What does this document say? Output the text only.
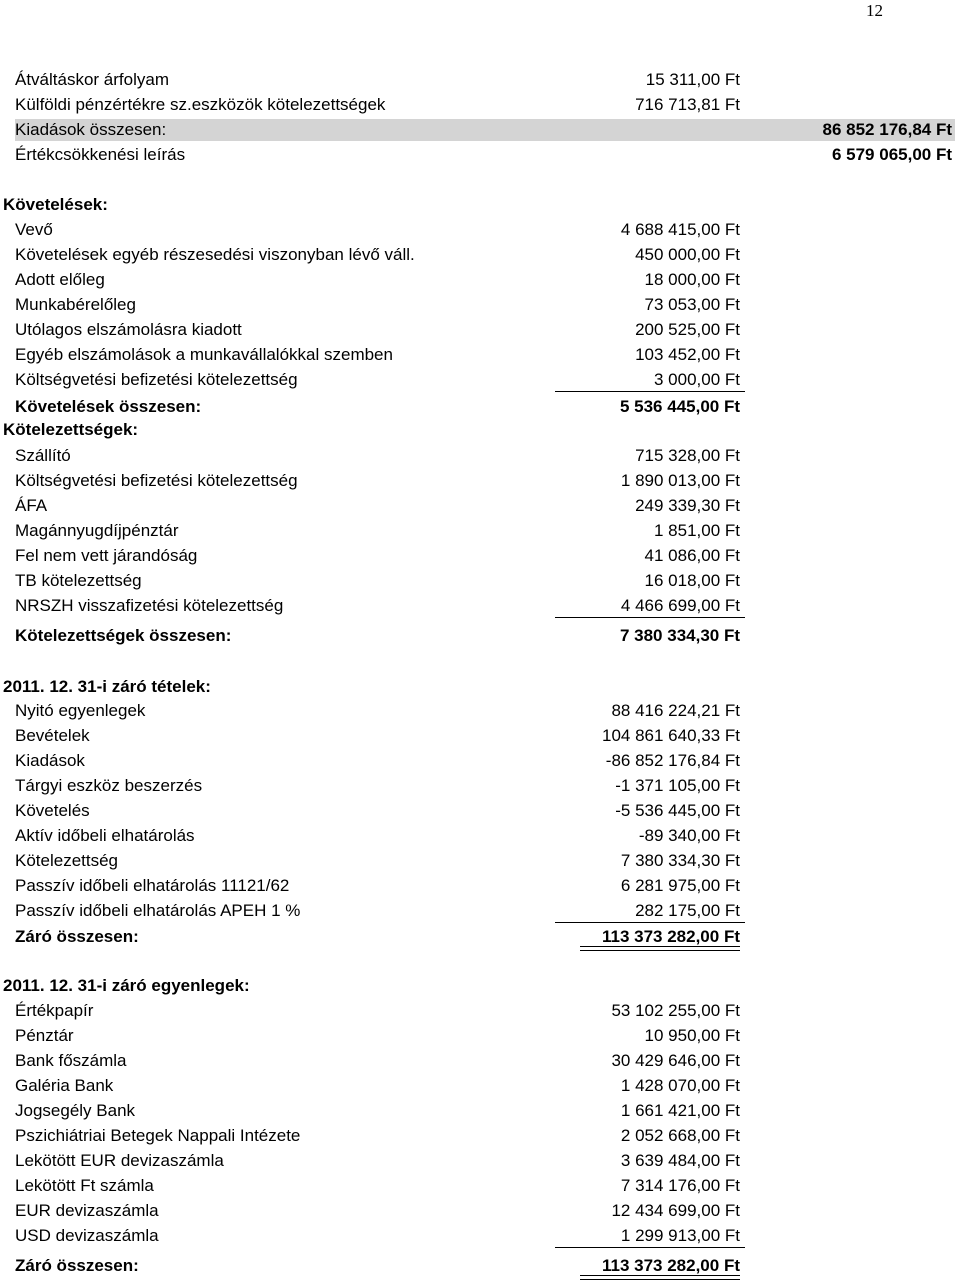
12
Átváltáskor árfolyam	15 311,00 Ft
Külföldi pénzértékre sz.eszközök kötelezettségek	716 713,81 Ft
Kiadások összesen:	86 852 176,84 Ft
Értékcsökkenési leírás	6 579 065,00 Ft
Követelések:
Vevő	4 688 415,00 Ft
Követelések egyéb részesedési viszonyban lévő váll.	450 000,00 Ft
Adott előleg	18 000,00 Ft
Munkabérelőleg	73 053,00 Ft
Utólagos elszámolásra kiadott	200 525,00 Ft
Egyéb elszámolások a munkavállalókkal szemben	103 452,00 Ft
Költségvetési befizetési kötelezettség	3 000,00 Ft
Követelések összesen:	5 536 445,00 Ft
Kötelezettségek:
Szállító	715 328,00 Ft
Költségvetési befizetési kötelezettség	1 890 013,00 Ft
ÁFA	249 339,30 Ft
Magánnyugdíjpénztár	1 851,00 Ft
Fel nem vett járandóság	41 086,00 Ft
TB kötelezettség	16 018,00 Ft
NRSZH visszafizetési kötelezettség	4 466 699,00 Ft
Kötelezettségek összesen:	7 380 334,30 Ft
2011. 12. 31-i záró tételek:
Nyitó egyenlegek	88 416 224,21 Ft
Bevételek	104 861 640,33 Ft
Kiadások	-86 852 176,84 Ft
Tárgyi eszköz beszerzés	-1 371 105,00 Ft
Követelés	-5 536 445,00 Ft
Aktív időbeli elhatárolás	-89 340,00 Ft
Kötelezettség	7 380 334,30 Ft
Passzív időbeli elhatárolás 11121/62	6 281 975,00 Ft
Passzív időbeli elhatárolás APEH 1 %	282 175,00 Ft
Záró összesen:	113 373 282,00 Ft
2011. 12. 31-i záró egyenlegek:
Értékpapír	53 102 255,00 Ft
Pénztár	10 950,00 Ft
Bank főszámla	30 429 646,00 Ft
Galéria Bank	1 428 070,00 Ft
Jogsegély Bank	1 661 421,00 Ft
Pszichiátriai Betegek Nappali Intézete	2 052 668,00 Ft
Lekötött EUR devizaszámla	3 639 484,00 Ft
Lekötött Ft számla	7 314 176,00 Ft
EUR devizaszámla	12 434 699,00 Ft
USD devizaszámla	1 299 913,00 Ft
Záró összesen:	113 373 282,00 Ft
